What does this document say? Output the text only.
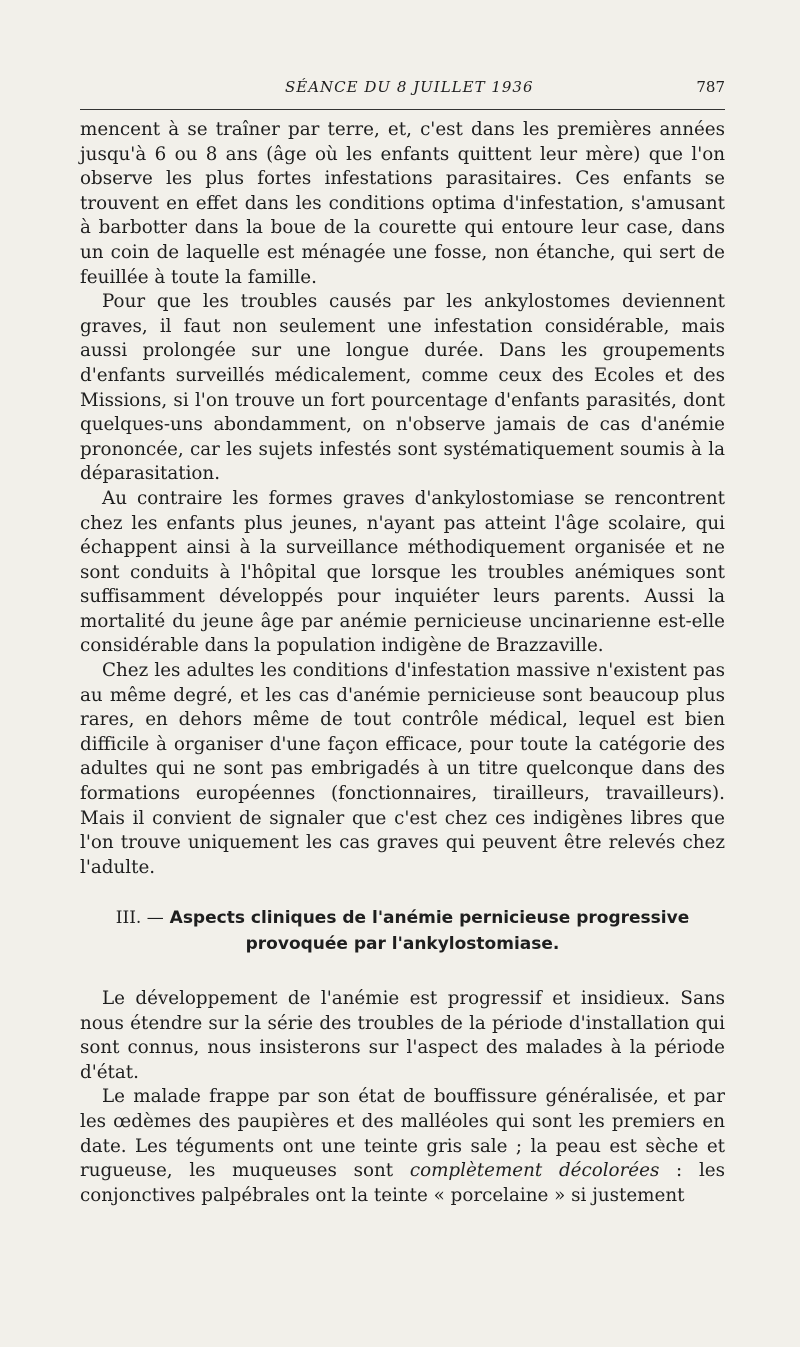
SÉANCE DU 8 JUILLET 1936	787

mencent à se traîner par terre, et, c'est dans les premières années jusqu'à 6 ou 8 ans (âge où les enfants quittent leur mère) que l'on observe les plus fortes infestations parasitaires. Ces enfants se trouvent en effet dans les conditions optima d'infestation, s'amusant à barbotter dans la boue de la courette qui entoure leur case, dans un coin de laquelle est ménagée une fosse, non étanche, qui sert de feuillée à toute la famille.

Pour que les troubles causés par les ankylostomes deviennent graves, il faut non seulement une infestation considérable, mais aussi prolongée sur une longue durée. Dans les groupements d'enfants surveillés médicalement, comme ceux des Ecoles et des Missions, si l'on trouve un fort pourcentage d'enfants parasités, dont quelques-uns abondamment, on n'observe jamais de cas d'anémie prononcée, car les sujets infestés sont systématiquement soumis à la déparasitation.

Au contraire les formes graves d'ankylostomiase se rencontrent chez les enfants plus jeunes, n'ayant pas atteint l'âge scolaire, qui échappent ainsi à la surveillance méthodiquement organisée et ne sont conduits à l'hôpital que lorsque les troubles anémiques sont suffisamment développés pour inquiéter leurs parents. Aussi la mortalité du jeune âge par anémie pernicieuse uncinarienne est-elle considérable dans la population indigène de Brazzaville.

Chez les adultes les conditions d'infestation massive n'existent pas au même degré, et les cas d'anémie pernicieuse sont beaucoup plus rares, en dehors même de tout contrôle médical, lequel est bien difficile à organiser d'une façon efficace, pour toute la catégorie des adultes qui ne sont pas embrigadés à un titre quelconque dans des formations européennes (fonctionnaires, tirailleurs, travailleurs). Mais il convient de signaler que c'est chez ces indigènes libres que l'on trouve uniquement les cas graves qui peuvent être relevés chez l'adulte.

III. — Aspects cliniques de l'anémie pernicieuse progressive
provoquée par l'ankylostomiase.

Le développement de l'anémie est progressif et insidieux. Sans nous étendre sur la série des troubles de la période d'installation qui sont connus, nous insisterons sur l'aspect des malades à la période d'état.

Le malade frappe par son état de bouffissure généralisée, et par les œdèmes des paupières et des malléoles qui sont les premiers en date. Les téguments ont une teinte gris sale ; la peau est sèche et rugueuse, les muqueuses sont complètement décolorées : les conjonctives palpébrales ont la teinte « porcelaine » si justement
